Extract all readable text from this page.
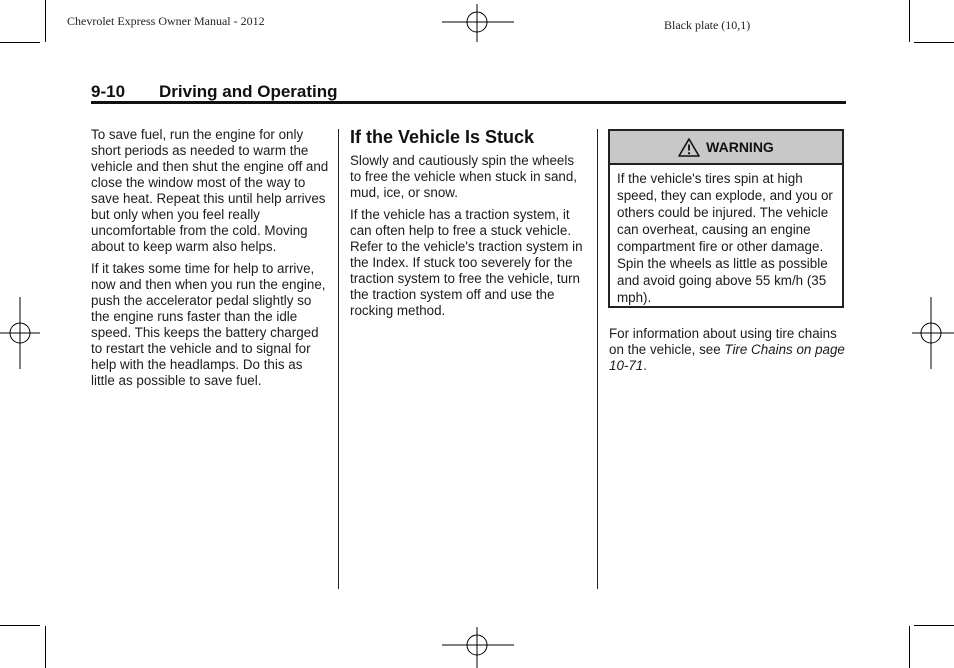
Chevrolet Express Owner Manual - 2012	Black plate (10,1)
9-10 Driving and Operating

To save fuel, run the engine for only short periods as needed to warm the vehicle and then shut the engine off and close the window most of the way to save heat. Repeat this until help arrives but only when you feel really uncomfortable from the cold. Moving about to keep warm also helps.

If it takes some time for help to arrive, now and then when you run the engine, push the accelerator pedal slightly so the engine runs faster than the idle speed. This keeps the battery charged to restart the vehicle and to signal for help with the headlamps. Do this as little as possible to save fuel.

If the Vehicle Is Stuck

Slowly and cautiously spin the wheels to free the vehicle when stuck in sand, mud, ice, or snow.

If the vehicle has a traction system, it can often help to free a stuck vehicle. Refer to the vehicle's traction system in the Index. If stuck too severely for the traction system to free the vehicle, turn the traction system off and use the rocking method.

WARNING
If the vehicle's tires spin at high speed, they can explode, and you or others could be injured. The vehicle can overheat, causing an engine compartment fire or other damage. Spin the wheels as little as possible and avoid going above 55 km/h (35 mph).

For information about using tire chains on the vehicle, see Tire Chains on page 10-71.
